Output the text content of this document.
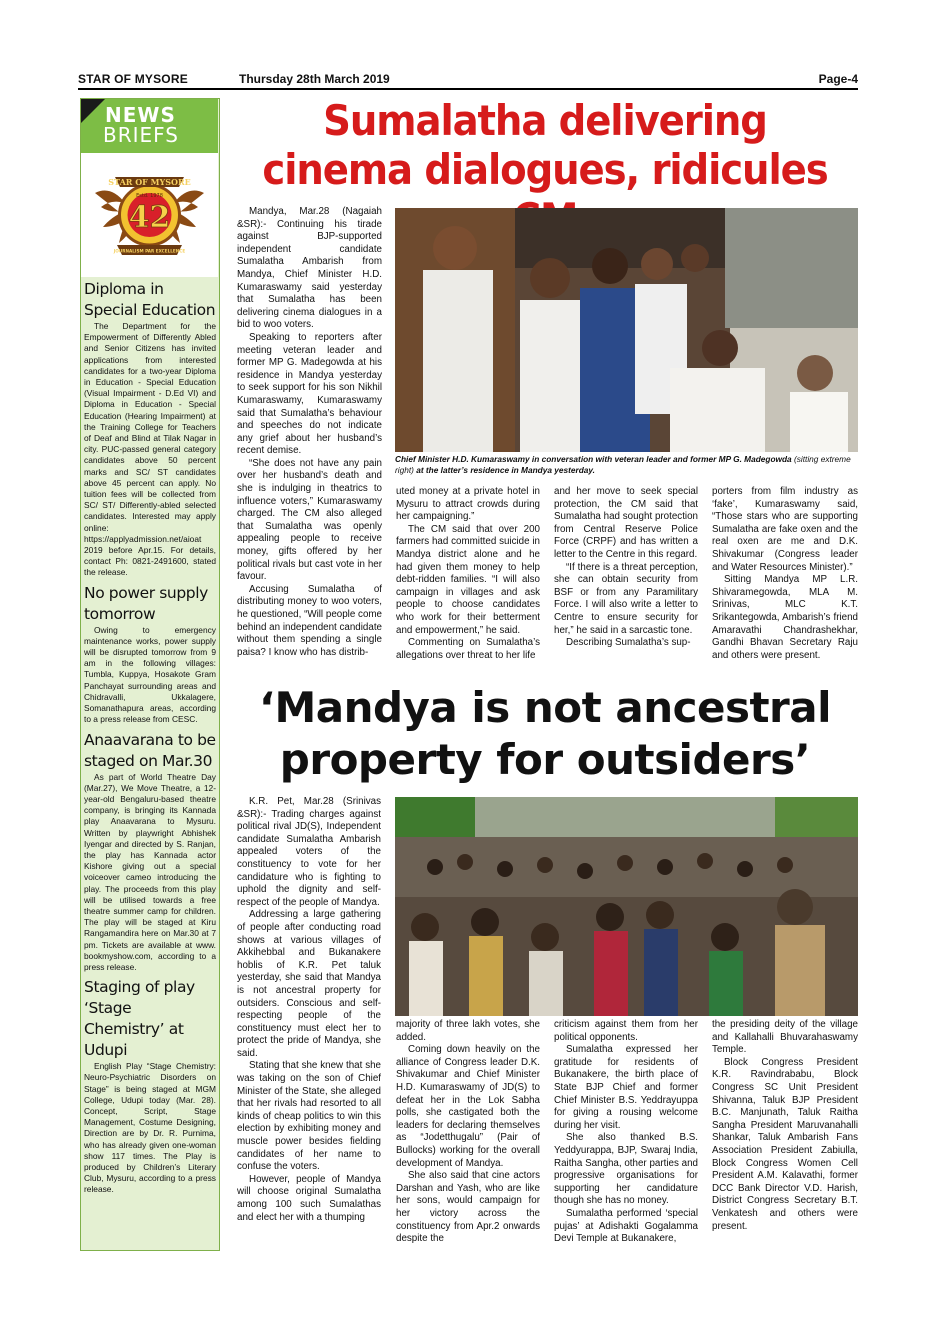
STAR OF MYSORE	Thursday 28th March 2019	Page-4
NEWS
BRIEFS
STAR OF MYSORE
Estd. 1978
42
JOURNALISM PAR EXCELLENCE
Diploma in Special Education

The Department for the Empowerment of Differently Abled and Senior Citizens has invited applications from interested candidates for a two-year Diploma in Education - Special Education (Visual Impairment - D.Ed VI) and Diploma in Education - Special Education (Hearing Impairment) at the Training College for Teachers of Deaf and Blind at Tilak Nagar in city. PUC-passed general category candidates above 50 percent marks and SC/ ST candidates above 45 percent can apply. No tuition fees will be collected from SC/ ST/ Differently-abled selected candidates. Interested may apply online: https://applyadmission.net/aioat 2019 before Apr.15. For details, contact Ph: 0821-2491600, stated the release.

No power supply tomorrow

Owing to emergency maintenance works, power supply will be disrupted tomorrow from 9 am in the following villages: Tumbla, Kuppya, Hosakote Gram Panchayat surrounding areas and Chidravalli, Ukkalagere, Somanathapura areas, according to a press release from CESC.

Anaavarana to be staged on Mar.30

As part of World Theatre Day (Mar.27), We Move Theatre, a 12-year-old Bengaluru-based theatre company, is bringing its Kannada play Anaavarana to Mysuru. Written by playwright Abhishek Iyengar and directed by S. Ranjan, the play has Kannada actor Kishore giving out a special voiceover cameo introducing the play. The proceeds from this play will be utilised towards a free theatre summer camp for children. The play will be staged at Kiru Rangamandira here on Mar.30 at 7 pm. Tickets are available at www. bookmyshow.com, according to a press release.

Staging of play ‘Stage Chemistry’ at Udupi

English Play “Stage Chemistry: Neuro-Psychiatric Disorders on Stage” is being staged at MGM College, Udupi today (Mar. 28). Concept, Script, Stage Management, Costume Designing, Direction are by Dr. R. Purnima, who has already given one-woman show 117 times. The Play is produced by Children’s Literary Club, Mysuru, according to a press release.

Sumalatha delivering cinema dialogues, ridicules

Mandya, Mar.28 (Nagaiah &SR):- Continuing his tirade against BJP-supported independent candidate Sumalatha Ambarish from Mandya, Chief Minister H.D. Kumaraswamy said yesterday that Sumalatha has been delivering cinema dialogues in a bid to woo voters.

Speaking to reporters after meeting veteran leader and former MP G. Madegowda at his residence in Mandya yesterday to seek support for his son Nikhil Kumaraswamy, Kumaraswamy said that Sumalatha’s behaviour and speeches do not indicate any grief about her husband’s recent demise.

“She does not have any pain over her husband’s death and she is indulging in theatrics to influence voters,” Kumaraswamy charged. The CM also alleged that Sumalatha was openly appealing people to receive money, gifts offered by her political rivals but cast vote in her favour.

Accusing Sumalatha of distributing money to woo voters, he questioned, “Will people come behind an independent candidate without them spending a single paisa? I know who has distrib-

Chief Minister H.D. Kumaraswamy in conversation with veteran leader and former MP G. Madegowda (sitting extreme right) at the latter’s residence in Mandya yesterday.

uted money at a private hotel in Mysuru to attract crowds during her campaigning.”

The CM said that over 200 farmers had committed suicide in Mandya district alone and he had given them money to help debt-ridden families. “I will also campaign in villages and ask people to choose candidates who work for their betterment and empowerment,” he said.

Commenting on Sumalatha’s allegations over threat to her life

and her move to seek special protection, the CM said that Sumalatha had sought protection from Central Reserve Police Force (CRPF) and has written a letter to the Centre in this regard.

“If there is a threat perception, she can obtain security from BSF or from any Paramilitary Force. I will also write a letter to Centre to ensure security for her,” he said in a sarcastic tone.

Describing Sumalatha’s sup-

porters from film industry as ‘fake’, Kumaraswamy said, “Those stars who are supporting Sumalatha are fake oxen and the real oxen are me and D.K. Shivakumar (Congress leader and Water Resources Minister).”

Sitting Mandya MP L.R. Shivaramegowda, MLA M. Srinivas, MLC K.T. Srikantegowda, Ambarish’s friend Amaravathi Chandrashekhar, Gandhi Bhavan Secretary Raju and others were present.

‘Mandya is not ancestral property for outsiders’

K.R. Pet, Mar.28 (Srinivas &SR):- Trading charges against political rival JD(S), Independent candidate Sumalatha Ambarish appealed voters of the constituency to vote for her candidature who is fighting to uphold the dignity and self-respect of the people of Mandya.

Addressing a large gathering of people after conducting road shows at various villages of Akkihebbal and Bukanakere hoblis of K.R. Pet taluk yesterday, she said that Mandya is not ancestral property for outsiders. Conscious and self-respecting people of the constituency must elect her to protect the pride of Mandya, she said.

Stating that she knew that she was taking on the son of Chief Minister of the State, she alleged that her rivals had resorted to all kinds of cheap politics to win this election by exhibiting money and muscle power besides fielding candidates of her name to confuse the voters.

However, people of Mandya will choose original Sumalatha among 100 such Sumalathas and elect her with a thumping

majority of three lakh votes, she added.

Coming down heavily on the alliance of Congress leader D.K. Shivakumar and Chief Minister H.D. Kumaraswamy of JD(S) to defeat her in the Lok Sabha polls, she castigated both the leaders for declaring themselves as “Jodetthugalu” (Pair of Bullocks) working for the overall development of Mandya.

She also said that cine actors Darshan and Yash, who are like her sons, would campaign for her victory across the constituency from Apr.2 onwards despite the

criticism against them from her political opponents.

Sumalatha expressed her gratitude for residents of Bukanakere, the birth place of State BJP Chief and former Chief Minister B.S. Yeddrayuppa for giving a rousing welcome during her visit.

She also thanked B.S. Yeddyurappa, BJP, Swaraj India, Raitha Sangha, other parties and progressive organisations for supporting her candidature though she has no money.

Sumalatha performed ‘special pujas’ at Adishakti Gogalamma Devi Temple at Bukanakere,

the presiding deity of the village and Kallahalli Bhuvarahaswamy Temple.

Block Congress President K.R. Ravindrababu, Block Congress SC Unit President Shivanna, Taluk BJP President B.C. Manjunath, Taluk Raitha Sangha President Maruvanahalli Shankar, Taluk Ambarish Fans Association President Zabiulla, Block Congress Women Cell President A.M. Kalavathi, former DCC Bank Director V.D. Harish, District Congress Secretary B.T. Venkatesh and others were present.
